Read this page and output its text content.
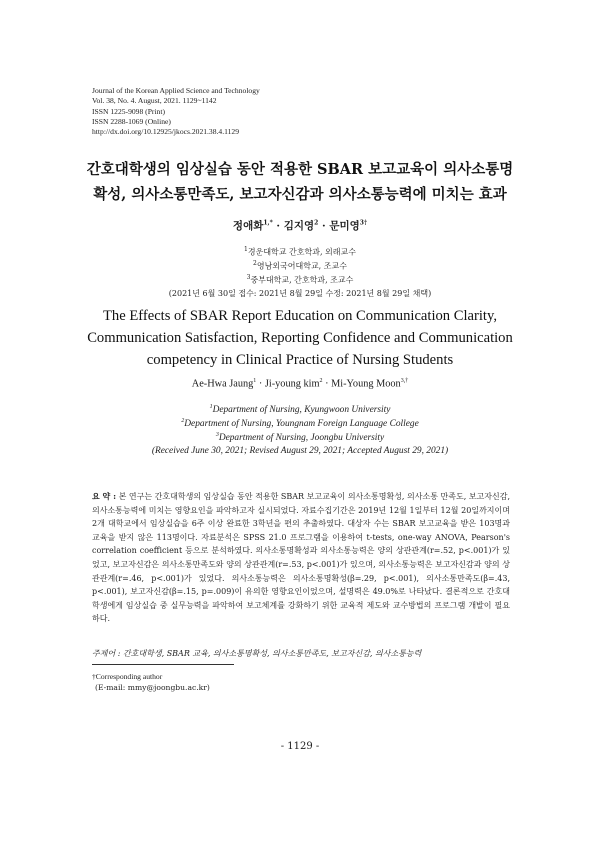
Journal of the Korean Applied Science and Technology
Vol. 38, No. 4. August, 2021. 1129~1142
ISSN 1225-9098 (Print)
ISSN 2288-1069 (Online)
http://dx.doi.org/10.12925/jkocs.2021.38.4.1129
간호대학생의 임상실습 동안 적용한 SBAR 보고교육이 의사소통명
확성, 의사소통만족도, 보고자신감과 의사소통능력에 미치는 효과
정애화$^{1,*}$ · 김지영$^2$ · 문미영$^{3\dagger}$
$^1$경운대학교 간호학과, 외래교수
$^2$영남외국어대학교, 조교수
$^3$중부대학교, 간호학과, 조교수
(2021년 6월 30일 접수: 2021년 8월 29일 수정: 2021년 8월 29일 채택)
The Effects of SBAR Report Education on Communication Clarity,
Communication Satisfaction, Reporting Confidence and Communication
competency in Clinical Practice of Nursing Students
Ae-Hwa Jaung$^1$ · Ji-young kim$^2$ · Mi-Young Moon$^{3,\dagger}$
$^1$Department of Nursing, Kyungwoon University
$^2$Department of Nursing, Youngnam Foreign Language College
$^3$Department of Nursing, Joongbu University
(Received June 30, 2021; Revised August 29, 2021; Accepted August 29, 2021)
요 약 : 본 연구는 간호대학생의 임상실습 동안 적용한 SBAR 보고교육이 의사소통명확성, 의사소통 만족도, 보고자신감, 의사소통능력에 미치는 영향요인을 파악하고자 실시되었다. 자료수집기간은 2019년 12월 1일부터 12월 20일까지이며 2개 대학교에서 임상실습을 6주 이상 완료한 3학년을 편의 추출하였다. 대상자 수는 SBAR 보고교육을 받은 103명과 교육을 받지 않은 113명이다. 자료분석은 SPSS 21.0 프로그램을 이용하여 t-tests, one-way ANOVA, Pearson's correlation coefficient 등으로 분석하였다. 의사소통명확성과 의사소통능력은 양의 상관관계(r=.52, p<.001)가 있었고, 보고자신감은 의사소통만족도와 양의 상관관계(r=.53, p<.001)가 있으며, 의사소통능력은 보고자신감과 양의 상관관계(r=.46, p<.001)가 있었다. 의사소통능력은 의사소통명확성(β=.29, p<.001), 의사소통만족도(β=.43, p<.001), 보고자신감(β=.15, p=.009)이 유의한 영향요인이었으며, 설명력은 49.0%로 나타났다. 결론적으로 간호대학생에게 임상실습 중 실무능력을 파악하여 보고체계를 강화하기 위한 교육적 제도와 교수방법의 프로그램 개발이 필요하다.
주제어 : 간호대학생, SBAR 교육, 의사소통명확성, 의사소통만족도, 보고자신감, 의사소통능력
†Corresponding author
(E-mail: mmy@joongbu.ac.kr)
- 1129 -
